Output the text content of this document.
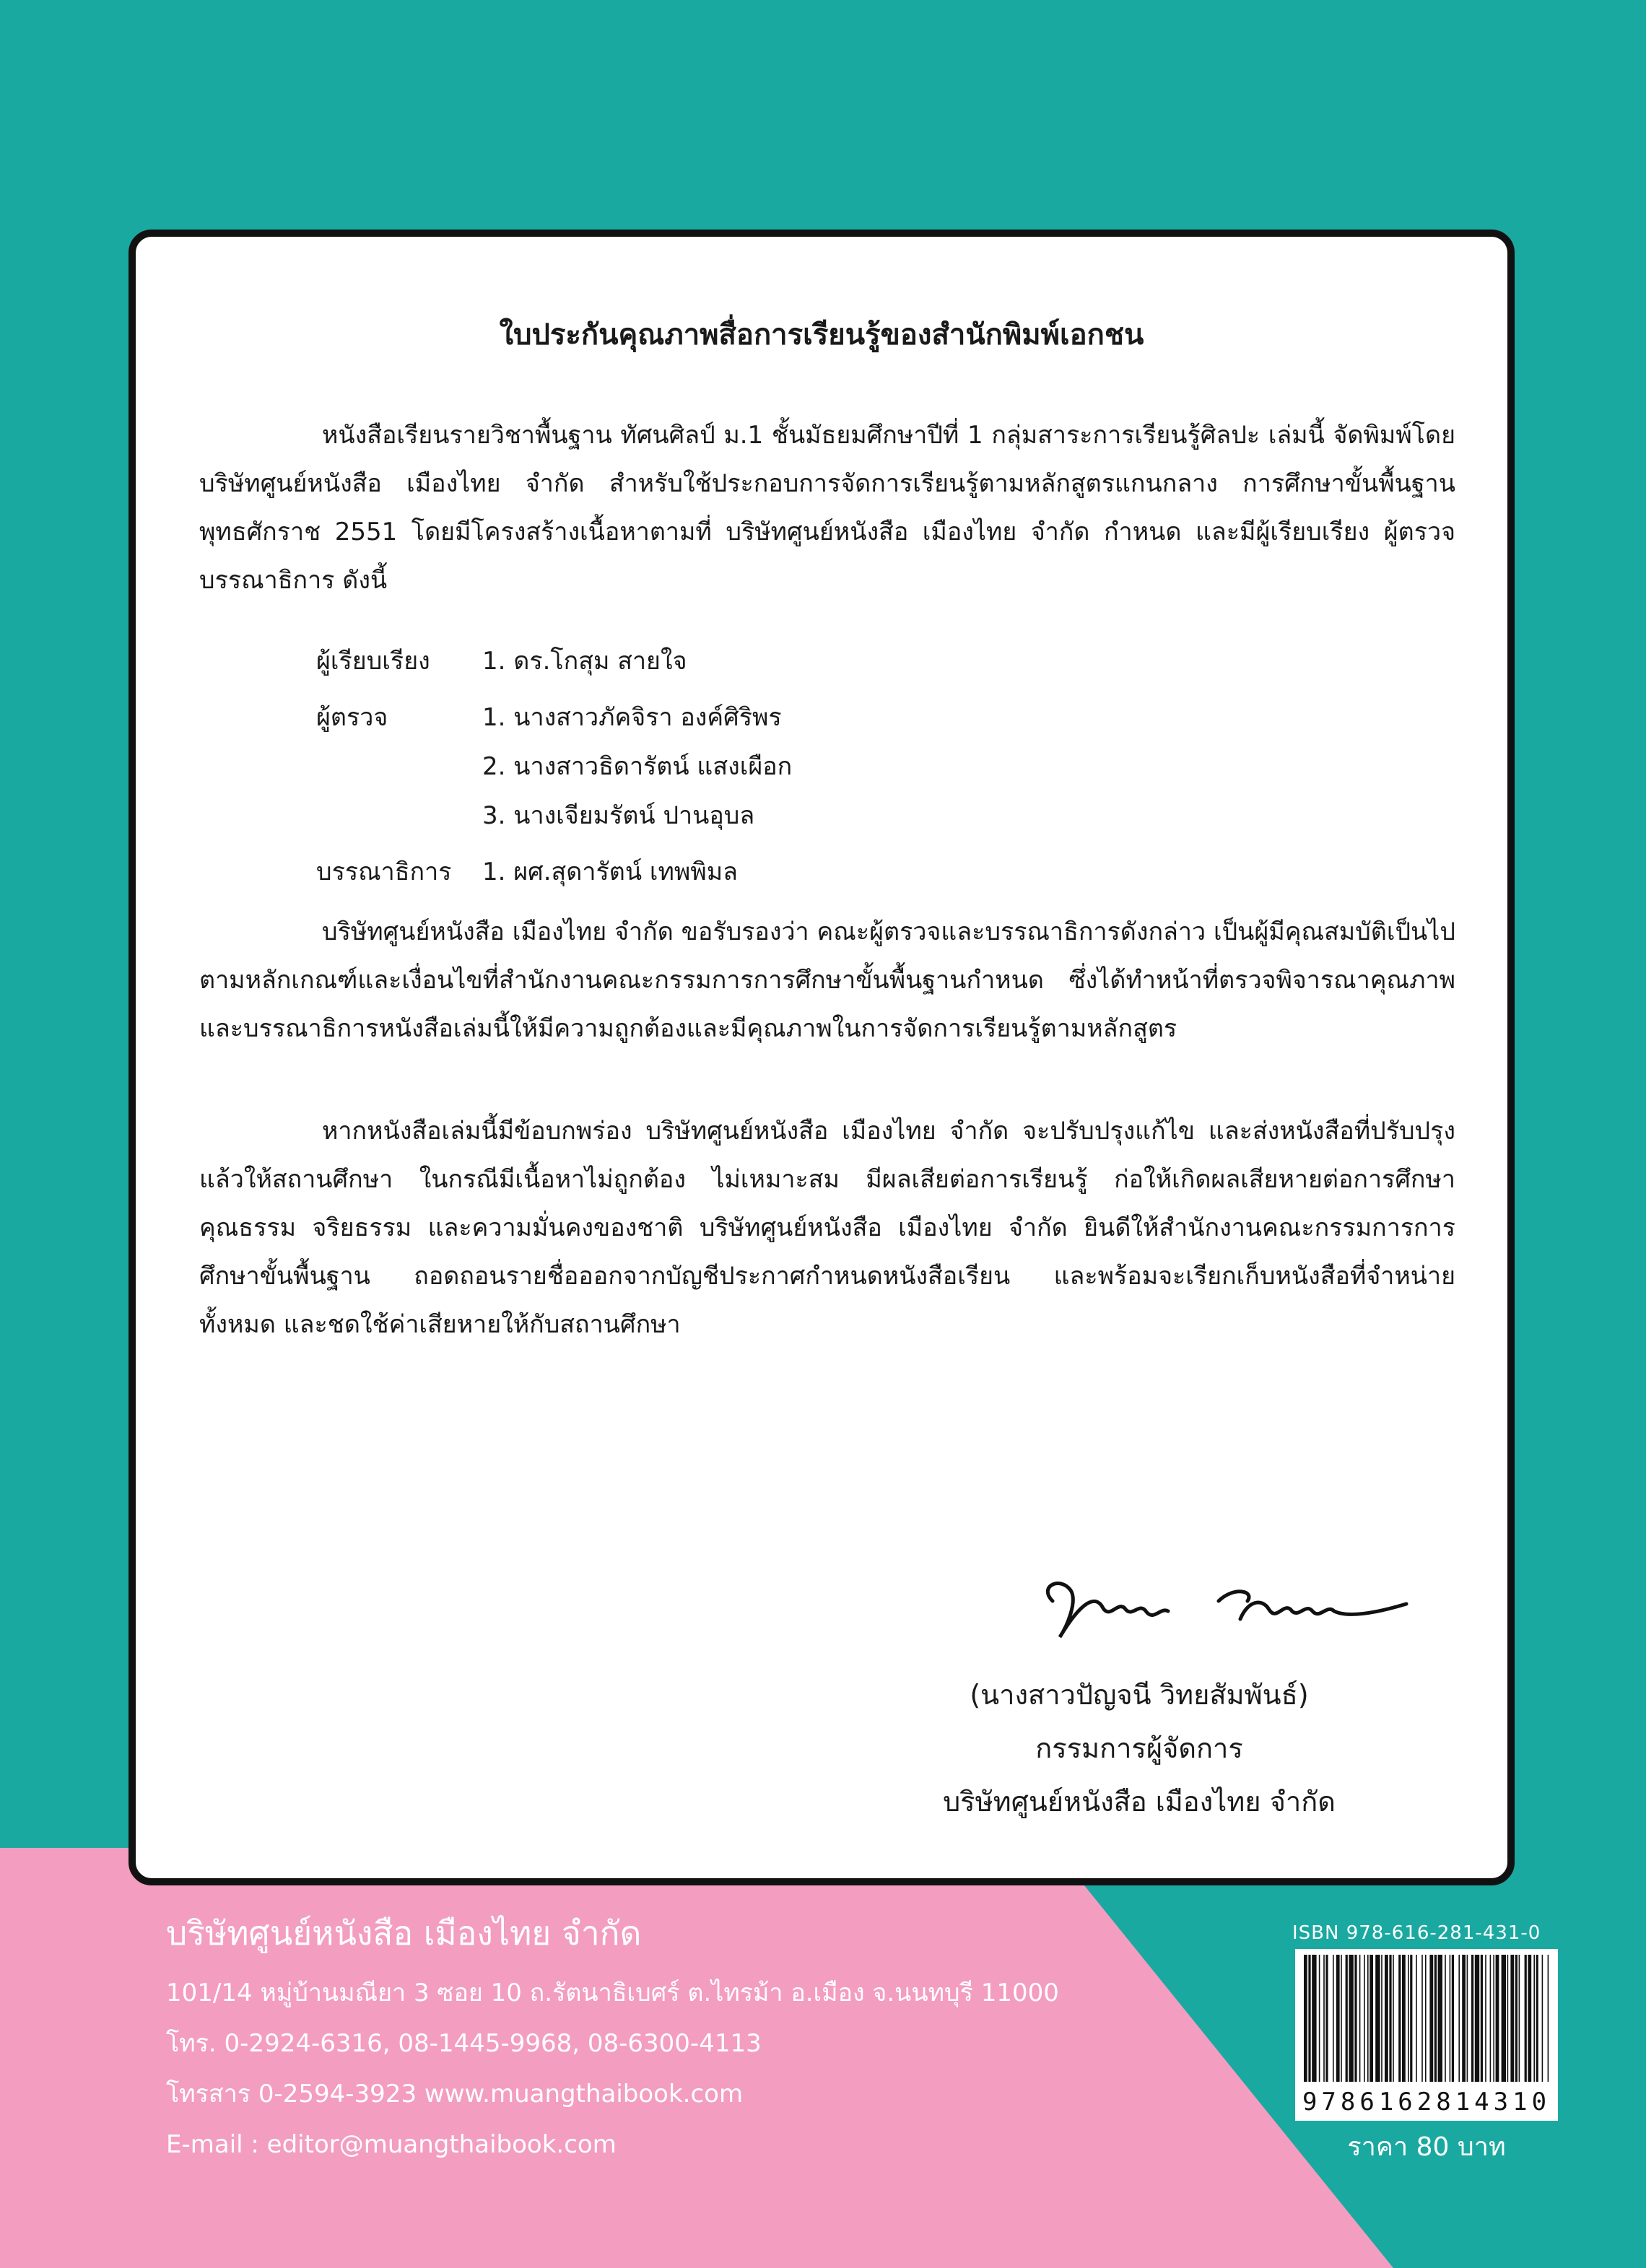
ใบประกันคุณภาพสื่อการเรียนรู้ของสำนักพิมพ์เอกชน

หนังสือเรียนรายวิชาพื้นฐาน ทัศนศิลป์ ม.1 ชั้นมัธยมศึกษาปีที่ 1 กลุ่มสาระการเรียนรู้ศิลปะ เล่มนี้ จัดพิมพ์โดย บริษัทศูนย์หนังสือ เมืองไทย จำกัด สำหรับใช้ประกอบการจัดการเรียนรู้ตามหลักสูตรแกนกลาง การศึกษาขั้นพื้นฐาน พุทธศักราช 2551 โดยมีโครงสร้างเนื้อหาตามที่ บริษัทศูนย์หนังสือ เมืองไทย จำกัด กำหนด และมีผู้เรียบเรียง ผู้ตรวจ บรรณาธิการ ดังนี้

ผู้เรียบเรียง 1. ดร.โกสุม สายใจ
ผู้ตรวจ	1. นางสาวภัคจิรา องค์ศิริพร
2. นางสาวธิดารัตน์ แสงเผือก
3. นางเจียมรัตน์ ปานอุบล
บรรณาธิการ 1. ผศ.สุดารัตน์ เทพพิมล

บริษัทศูนย์หนังสือ เมืองไทย จำกัด ขอรับรองว่า คณะผู้ตรวจและบรรณาธิการดังกล่าว เป็นผู้มีคุณสมบัติเป็นไปตามหลักเกณฑ์และเงื่อนไขที่สำนักงานคณะกรรมการการศึกษาขั้นพื้นฐานกำหนด ซึ่งได้ทำหน้าที่ตรวจพิจารณาคุณภาพและบรรณาธิการหนังสือเล่มนี้ให้มีความถูกต้องและมีคุณภาพในการจัดการเรียนรู้ตามหลักสูตร

หากหนังสือเล่มนี้มีข้อบกพร่อง บริษัทศูนย์หนังสือ เมืองไทย จำกัด จะปรับปรุงแก้ไข และส่งหนังสือที่ปรับปรุงแล้วให้สถานศึกษา ในกรณีมีเนื้อหาไม่ถูกต้อง ไม่เหมาะสม มีผลเสียต่อการเรียนรู้ ก่อให้เกิดผลเสียหายต่อการศึกษา คุณธรรม จริยธรรม และความมั่นคงของชาติ บริษัทศูนย์หนังสือ เมืองไทย จำกัด ยินดีให้สำนักงานคณะกรรมการการศึกษาขั้นพื้นฐาน ถอดถอนรายชื่อออกจากบัญชีประกาศกำหนดหนังสือเรียน และพร้อมจะเรียกเก็บหนังสือที่จำหน่ายทั้งหมด และชดใช้ค่าเสียหายให้กับสถานศึกษา

(นางสาวปัญจนี วิทยสัมพันธ์)
กรรมการผู้จัดการ
บริษัทศูนย์หนังสือ เมืองไทย จำกัด
บริษัทศูนย์หนังสือ เมืองไทย จำกัด
101/14 หมู่บ้านมณียา 3 ซอย 10 ถ.รัตนาธิเบศร์ ต.ไทรม้า อ.เมือง จ.นนทบุรี 11000
โทร. 0-2924-6316, 08-1445-9968, 08-6300-4113
โทรสาร 0-2594-3923 www.muangthaibook.com
E-mail : editor@muangthaibook.com
ISBN 978-616-281-431-0
9786162814310
ราคา 80 บาท
